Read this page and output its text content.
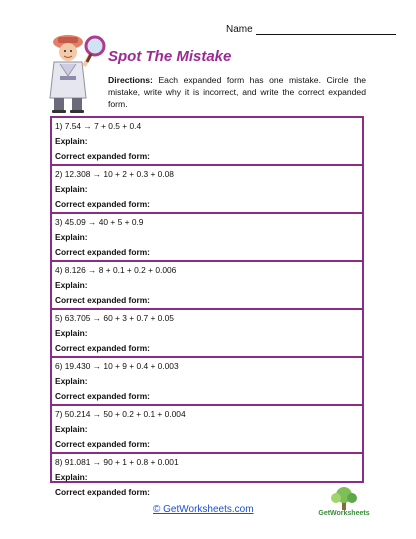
Name
Spot The Mistake
Directions: Each expanded form has one mistake. Circle the mistake, write why it is incorrect, and write the correct expanded form.
1) 7.54 → 7 + 0.5 + 0.4
Explain:
Correct expanded form:
2) 12.308 → 10 + 2 + 0.3 + 0.08
Explain:
Correct expanded form:
3) 45.09 → 40 + 5 + 0.9
Explain:
Correct expanded form:
4) 8.126 → 8 + 0.1 + 0.2 + 0.006
Explain:
Correct expanded form:
5) 63.705 → 60 + 3 + 0.7 + 0.05
Explain:
Correct expanded form:
6) 19.430 → 10 + 9 + 0.4 + 0.003
Explain:
Correct expanded form:
7) 50.214 → 50 + 0.2 + 0.1 + 0.004
Explain:
Correct expanded form:
8) 91.081 → 90 + 1 + 0.8 + 0.001
Explain:
Correct expanded form:
© GetWorksheets.com	GetWorksheets
